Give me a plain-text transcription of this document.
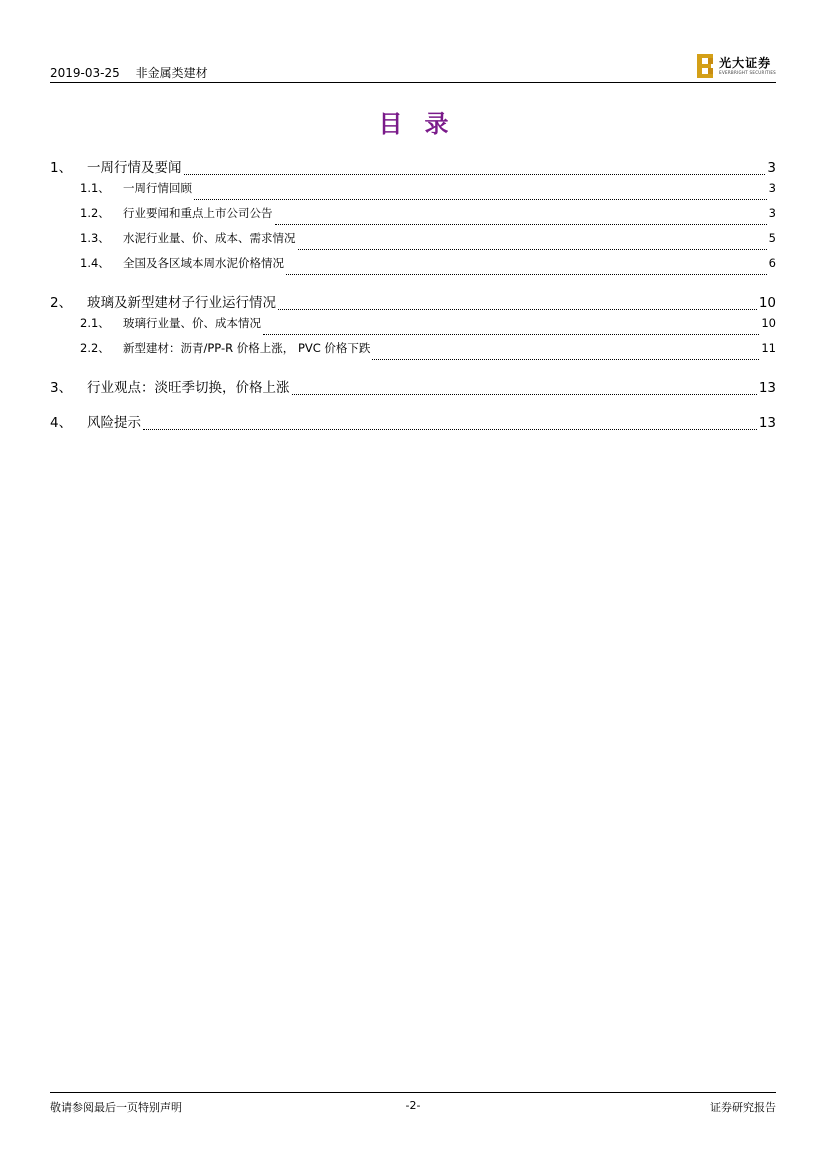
2019-03-25 非金属类建材
光大证券
EVERBRIGHT SECURITIES
目录
1、	一周行情及要闻	3
1.1、	一周行情回顾	3
1.2、	行业要闻和重点上市公司公告	3
1.3、	水泥行业量、价、成本、需求情况	5
1.4、	全国及各区域本周水泥价格情况	6
2、	玻璃及新型建材子行业运行情况	10
2.1、	玻璃行业量、价、成本情况	10
2.2、	新型建材：沥青/PP-R 价格上涨， PVC 价格下跌	11
3、	行业观点：淡旺季切换，价格上涨	13
4、	风险提示	13
敬请参阅最后一页特别声明	-2-	证券研究报告
